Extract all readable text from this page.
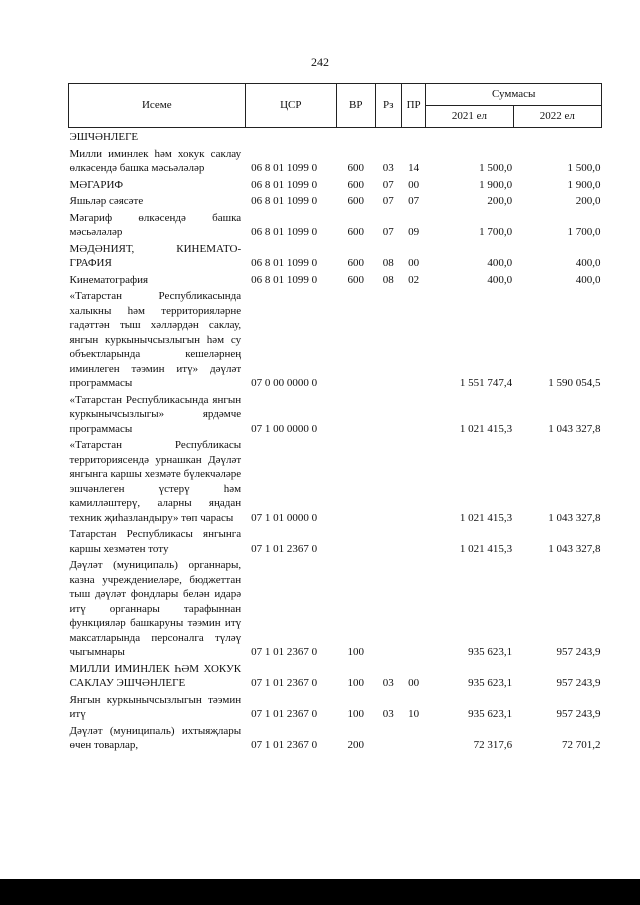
242
Исеме	ЦСР	ВР	Рз	ПР	Суммасы	
					2021 ел	2022 ел
ЭШЧӘНЛЕГЕ						
Милли иминлек һәм хокук саклау өлкәсендә башка мәсьәләләр	06 8 01 1099 0	600	03	14	1 500,0	1 500,0
МӘГАРИФ	06 8 01 1099 0	600	07	00	1 900,0	1 900,0
Яшьләр сәясәте	06 8 01 1099 0	600	07	07	200,0	200,0
Мәгариф өлкәсендә башка мәсьәләләр	06 8 01 1099 0	600	07	09	1 700,0	1 700,0
МӘДӘНИЯТ, КИНЕМАТО-ГРАФИЯ	06 8 01 1099 0	600	08	00	400,0	400,0
Кинематография	06 8 01 1099 0	600	08	02	400,0	400,0
«Татарстан Республикасында халыкны һәм территорияләрне гадәттән тыш хәлләрдән саклау, янгын куркынычсызлыгын һәм су объектларында кешеләрнең иминлеген тәэмин итү» дәүләт программасы	07 0 00 0000 0				1 551 747,4	1 590 054,5
«Татарстан Республикасында янгын куркынычсызлыгы» ярдәмче программасы	07 1 00 0000 0				1 021 415,3	1 043 327,8
«Татарстан Республикасы территориясендә урнашкан Дәүләт янгынга каршы хезмәте бүлекчәләре эшчәнлеген үстерү һәм камилләштерү, аларны яңадан техник җиһазландыру» төп чарасы	07 1 01 0000 0				1 021 415,3	1 043 327,8
Татарстан Республикасы янгынга каршы хезмәтен тоту	07 1 01 2367 0				1 021 415,3	1 043 327,8
Дәүләт (муниципаль) органнары, казна учреждениеләре, бюджеттан тыш дәүләт фондлары белән идарә итү органнары тарафыннан функцияләр башкаруны тәэмин итү максатларында персоналга түләү чыгымнары	07 1 01 2367 0	100			935 623,1	957 243,9
МИЛЛИ ИМИНЛЕК ҺӘМ ХОКУК САКЛАУ ЭШЧӘНЛЕГЕ	07 1 01 2367 0	100	03	00	935 623,1	957 243,9
Янгын куркынычсызлыгын тәэмин итү	07 1 01 2367 0	100	03	10	935 623,1	957 243,9
Дәүләт (муниципаль) ихтыяҗлары өчен товарлар,	07 1 01 2367 0	200			72 317,6	72 701,2
